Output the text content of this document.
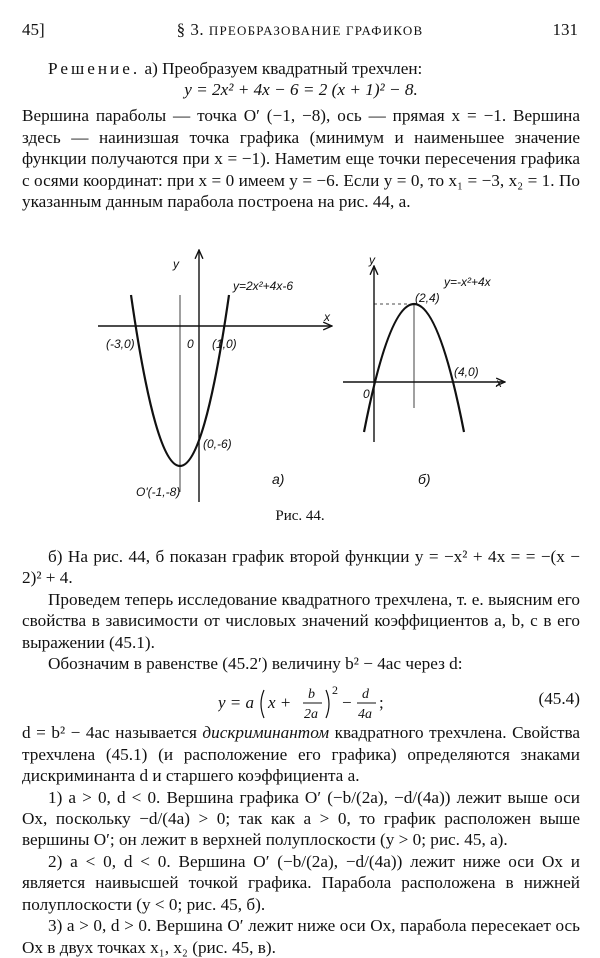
45]	§ 3. ПРЕОБРАЗОВАНИЕ ГРАФИКОВ	131

Решение. а) Преобразуем квадратный трехчлен:

y = 2x² + 4x − 6 = 2 (x + 1)² − 8.

Вершина параболы — точка O′ (−1, −8), ось — прямая x = −1. Вершина здесь — наинизшая точка графика (минимум и наименьшее значение функции получаются при x = −1). Наметим еще точки пересечения графика с осями координат: при x = 0 имеем y = −6. Если y = 0, то x₁ = −3, x₂ = 1. По указанным данным парабола построена на рис. 44, а.

y
x
0
y=2x²+4x-6
(-3,0)	(1,0)
(0,-6)
O'(-1,-8)
а)
y
x
0
y=-x²+4x
(2,4)
(4,0)
б)
Рис. 44.

б) На рис. 44, б показан график второй функции y = −x² + 4x = = −(x − 2)² + 4.

Проведем теперь исследование квадратного трехчлена, т. е. выясним его свойства в зависимости от числовых значений коэффициентов a, b, c в его выражении (45.1).

Обозначим в равенстве (45.2′) величину b² − 4ac через d:

y = a x + b
2a
2
− d
4a
;	(45.4)

d = b² − 4ac называется дискриминантом квадратного трехчлена. Свойства трехчлена (45.1) (и расположение его графика) определяются знаками дискриминанта d и старшего коэффициента a.

1) a > 0, d < 0. Вершина графика O′ (−b/(2a), −d/(4a)) лежит выше оси Ox, поскольку −d/(4a) > 0; так как a > 0, то график расположен выше вершины O′; он лежит в верхней полуплоскости (y > 0; рис. 45, а).

2) a < 0, d < 0. Вершина O′ (−b/(2a), −d/(4a)) лежит ниже оси Ox и является наивысшей точкой графика. Парабола расположена в нижней полуплоскости (y < 0; рис. 45, б).

3) a > 0, d > 0. Вершина O′ лежит ниже оси Ox, парабола пересекает ось Ox в двух точках x₁, x₂ (рис. 45, в).
